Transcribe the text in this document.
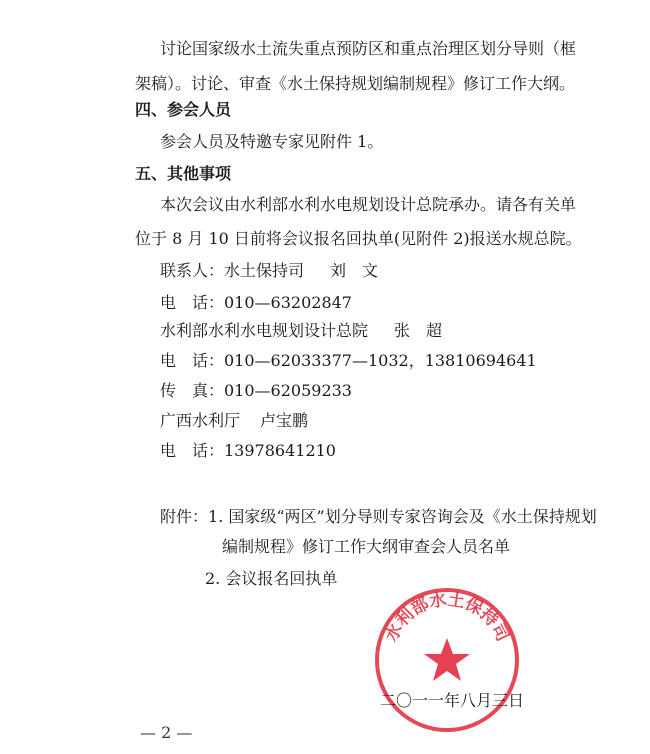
讨论国家级水土流失重点预防区和重点治理区划分导则（框
架稿）。讨论、审查《水土保持规划编制规程》修订工作大纲。
四、参会人员
参会人员及特邀专家见附件 1。
五、其他事项
本次会议由水利部水利水电规划设计总院承办。请各有关单
位于 8 月 10 日前将会议报名回执单(见附件 2)报送水规总院。
联系人：水土保持司 刘　文
电　话：010—63202847
水利部水利水电规划设计总院 张　超
电　话：010—62033377—1032，13810694641
传　真：010—62059233
广西水利厅 卢宝鹏
电　话：13978641210
附件：1. 国家级“两区”划分导则专家咨询会及《水土保持规划
编制规程》修订工作大纲审查会人员名单
2. 会议报名回执单
水利部水土保持司
二〇一一年八月三日
— 2 —
